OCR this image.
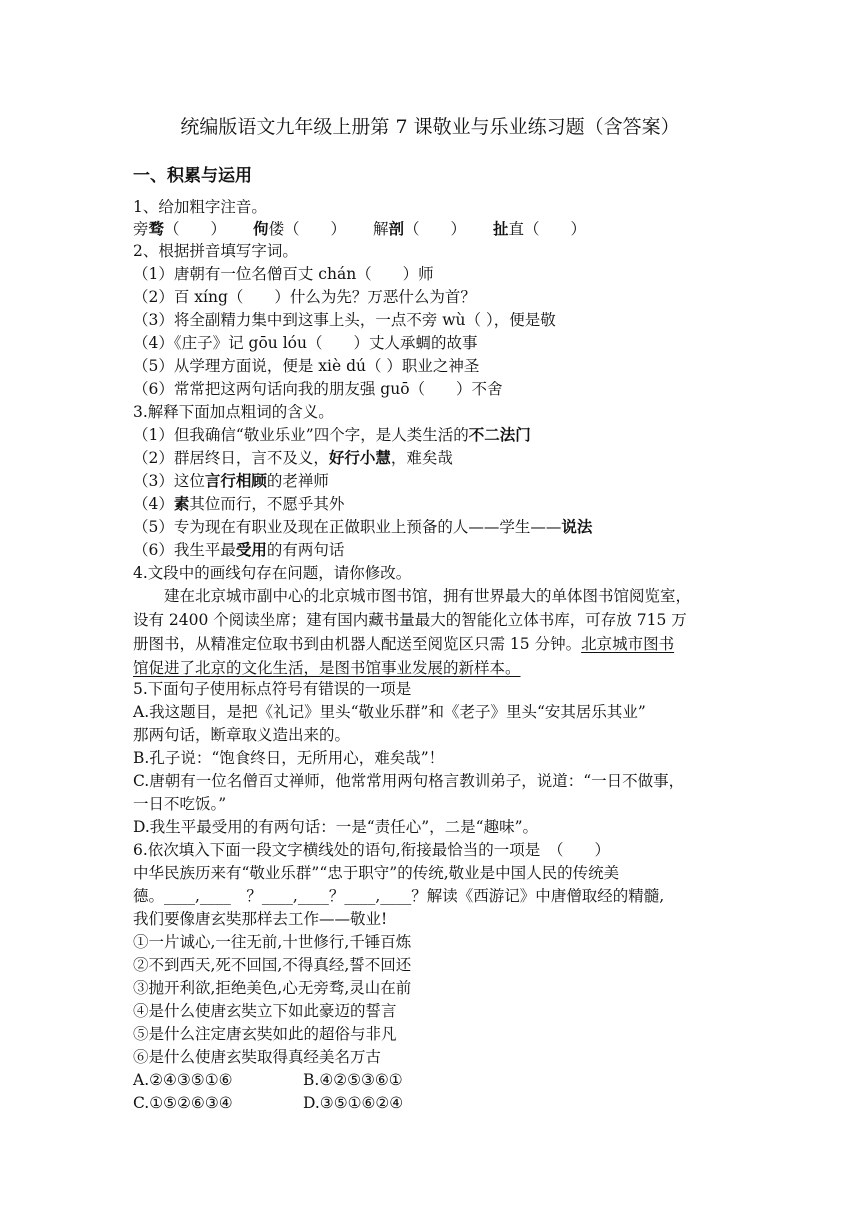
统编版语文九年级上册第 7 课敬业与乐业练习题（含答案）
一、积累与运用
1、给加粗字注音。
旁骛（　　） 佝偻（　　） 解剖（　　） 扯直（　　）
2、根据拼音填写字词。
（1）唐朝有一位名僧百丈 chán（　　）师
（2）百 xíng（　　）什么为先？万恶什么为首？
（3）将全副精力集中到这事上头，一点不旁 wù（ ），便是敬
（4）《庄子》记 gōu lóu（　　）丈人承蜩的故事
（5）从学理方面说，便是 xiè dú（ ）职业之神圣
（6）常常把这两句话向我的朋友强 guō（　　）不舍
3.解释下面加点粗词的含义。
（1）但我确信“敬业乐业”四个字，是人类生活的不二法门
（2）群居终日，言不及义，好行小慧，难矣哉
（3）这位言行相顾的老禅师
（4）素其位而行，不愿乎其外
（5）专为现在有职业及现在正做职业上预备的人——学生——说法
（6）我生平最受用的有两句话
4.文段中的画线句存在问题，请你修改。
　　建在北京城市副中心的北京城市图书馆，拥有世界最大的单体图书馆阅览室，
设有 2400 个阅读坐席；建有国内藏书量最大的智能化立体书库，可存放 715 万
册图书，从精准定位取书到由机器人配送至阅览区只需 15 分钟。北京城市图书
馆促进了北京的文化生活，是图书馆事业发展的新样本。
5.下面句子使用标点符号有错误的一项是
A.我这题目，是把《礼记》里头“敬业乐群”和《老子》里头“安其居乐其业”
那两句话，断章取义造出来的。
B.孔子说：“饱食终日，无所用心，难矣哉”！
C.唐朝有一位名僧百丈禅师，他常常用两句格言教训弟子，说道：“一日不做事，
一日不吃饭。”
D.我生平最受用的有两句话：一是“责任心”，二是“趣味”。
6.依次填入下面一段文字横线处的语句,衔接最恰当的一项是　（　　）
中华民族历来有“敬业乐群”“忠于职守”的传统,敬业是中国人民的传统美
德。____,____　？____,____？____,____？解读《西游记》中唐僧取经的精髓,
我们要像唐玄奘那样去工作——敬业!
①一片诚心,一往无前,十世修行,千锤百炼
②不到西天,死不回国,不得真经,誓不回还
③抛开利欲,拒绝美色,心无旁骛,灵山在前
④是什么使唐玄奘立下如此豪迈的誓言
⑤是什么注定唐玄奘如此的超俗与非凡
⑥是什么使唐玄奘取得真经美名万古
A.②④③⑤①⑥	B.④②⑤③⑥①
C.①⑤②⑥③④	D.③⑤①⑥②④
